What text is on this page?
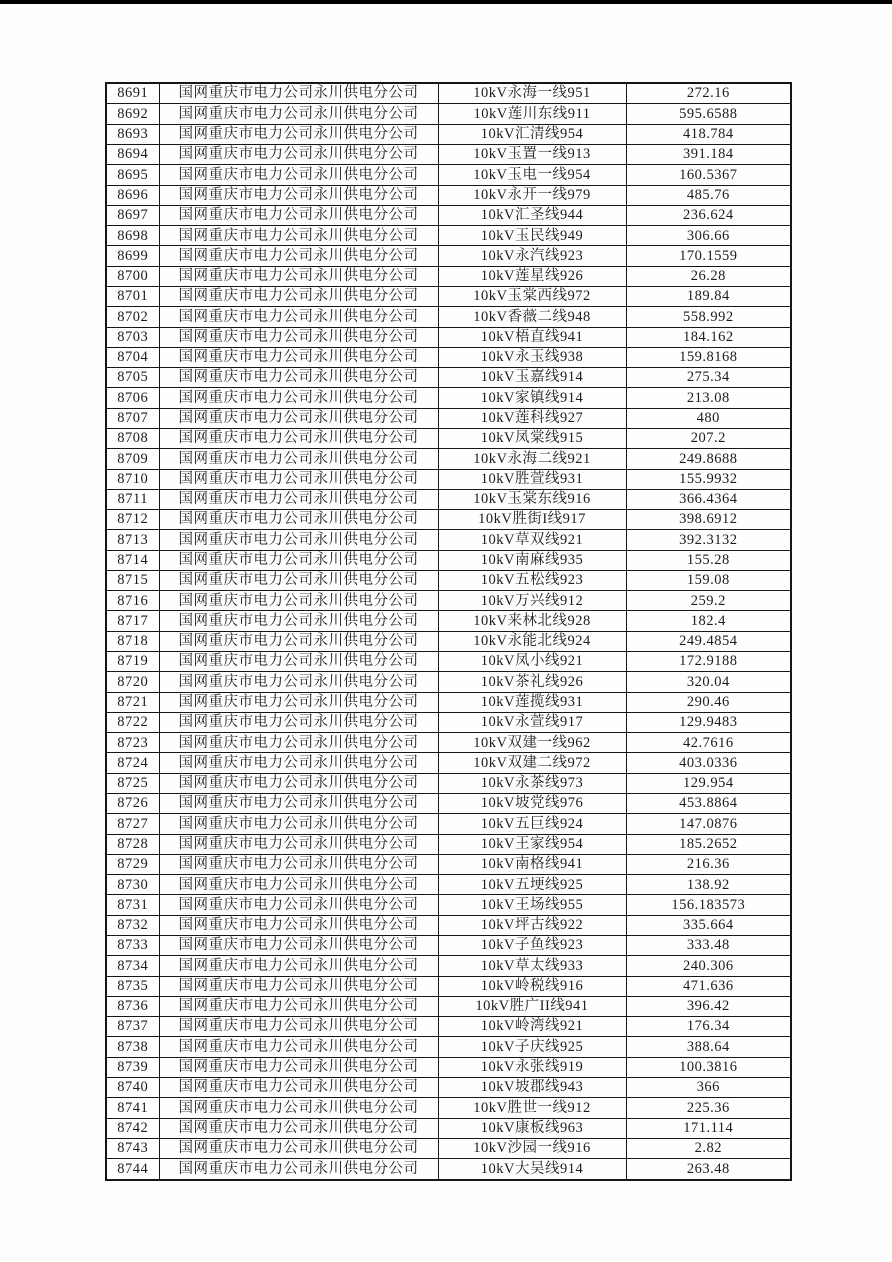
8691	国网重庆市电力公司永川供电分公司	10kV永海一线951	272.16
8692	国网重庆市电力公司永川供电分公司	10kV莲川东线911	595.6588
8693	国网重庆市电力公司永川供电分公司	10kV汇清线954	418.784
8694	国网重庆市电力公司永川供电分公司	10kV玉置一线913	391.184
8695	国网重庆市电力公司永川供电分公司	10kV玉电一线954	160.5367
8696	国网重庆市电力公司永川供电分公司	10kV永开一线979	485.76
8697	国网重庆市电力公司永川供电分公司	10kV汇圣线944	236.624
8698	国网重庆市电力公司永川供电分公司	10kV玉民线949	306.66
8699	国网重庆市电力公司永川供电分公司	10kV永汽线923	170.1559
8700	国网重庆市电力公司永川供电分公司	10kV莲星线926	26.28
8701	国网重庆市电力公司永川供电分公司	10kV玉棠西线972	189.84
8702	国网重庆市电力公司永川供电分公司	10kV香薇二线948	558.992
8703	国网重庆市电力公司永川供电分公司	10kV梧直线941	184.162
8704	国网重庆市电力公司永川供电分公司	10kV永玉线938	159.8168
8705	国网重庆市电力公司永川供电分公司	10kV玉嘉线914	275.34
8706	国网重庆市电力公司永川供电分公司	10kV家镇线914	213.08
8707	国网重庆市电力公司永川供电分公司	10kV莲科线927	480
8708	国网重庆市电力公司永川供电分公司	10kV凤棠线915	207.2
8709	国网重庆市电力公司永川供电分公司	10kV永海二线921	249.8688
8710	国网重庆市电力公司永川供电分公司	10kV胜萱线931	155.9932
8711	国网重庆市电力公司永川供电分公司	10kV玉棠东线916	366.4364
8712	国网重庆市电力公司永川供电分公司	10kV胜街I线917	398.6912
8713	国网重庆市电力公司永川供电分公司	10kV草双线921	392.3132
8714	国网重庆市电力公司永川供电分公司	10kV南麻线935	155.28
8715	国网重庆市电力公司永川供电分公司	10kV五松线923	159.08
8716	国网重庆市电力公司永川供电分公司	10kV万兴线912	259.2
8717	国网重庆市电力公司永川供电分公司	10kV来林北线928	182.4
8718	国网重庆市电力公司永川供电分公司	10kV永能北线924	249.4854
8719	国网重庆市电力公司永川供电分公司	10kV凤小线921	172.9188
8720	国网重庆市电力公司永川供电分公司	10kV茶礼线926	320.04
8721	国网重庆市电力公司永川供电分公司	10kV莲揽线931	290.46
8722	国网重庆市电力公司永川供电分公司	10kV永萱线917	129.9483
8723	国网重庆市电力公司永川供电分公司	10kV双建一线962	42.7616
8724	国网重庆市电力公司永川供电分公司	10kV双建二线972	403.0336
8725	国网重庆市电力公司永川供电分公司	10kV永茶线973	129.954
8726	国网重庆市电力公司永川供电分公司	10kV坡党线976	453.8864
8727	国网重庆市电力公司永川供电分公司	10kV五巨线924	147.0876
8728	国网重庆市电力公司永川供电分公司	10kV王家线954	185.2652
8729	国网重庆市电力公司永川供电分公司	10kV南格线941	216.36
8730	国网重庆市电力公司永川供电分公司	10kV五埂线925	138.92
8731	国网重庆市电力公司永川供电分公司	10kV王场线955	156.183573
8732	国网重庆市电力公司永川供电分公司	10kV坪古线922	335.664
8733	国网重庆市电力公司永川供电分公司	10kV子鱼线923	333.48
8734	国网重庆市电力公司永川供电分公司	10kV草太线933	240.306
8735	国网重庆市电力公司永川供电分公司	10kV岭税线916	471.636
8736	国网重庆市电力公司永川供电分公司	10kV胜广II线941	396.42
8737	国网重庆市电力公司永川供电分公司	10kV岭湾线921	176.34
8738	国网重庆市电力公司永川供电分公司	10kV子庆线925	388.64
8739	国网重庆市电力公司永川供电分公司	10kV永张线919	100.3816
8740	国网重庆市电力公司永川供电分公司	10kV坡郡线943	366
8741	国网重庆市电力公司永川供电分公司	10kV胜世一线912	225.36
8742	国网重庆市电力公司永川供电分公司	10kV康板线963	171.114
8743	国网重庆市电力公司永川供电分公司	10kV沙园一线916	2.82
8744	国网重庆市电力公司永川供电分公司	10kV大吴线914	263.48
